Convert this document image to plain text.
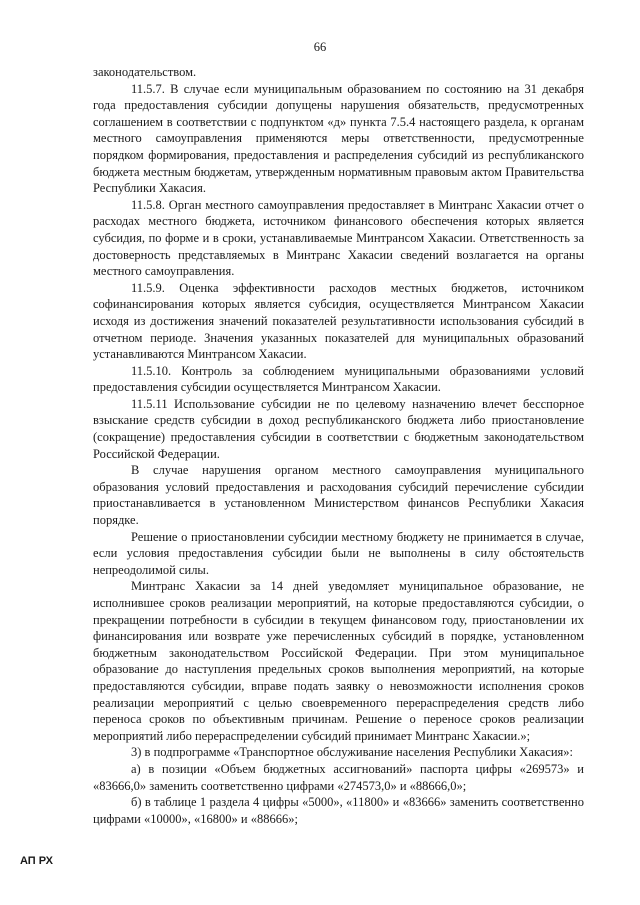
66

законодательством.

11.5.7. В случае если муниципальным образованием по состоянию на 31 декабря года предоставления субсидии допущены нарушения обязательств, предусмотренных соглашением в соответствии с подпунктом «д» пункта 7.5.4 настоящего раздела, к органам местного самоуправления применяются меры ответственности, предусмотренные порядком формирования, предоставления и распределения субсидий из республиканского бюджета местным бюджетам, утвержденным нормативным правовым актом Правительства Республики Хакасия.

11.5.8. Орган местного самоуправления предоставляет в Минтранс Хакасии отчет о расходах местного бюджета, источником финансового обеспечения которых является субсидия, по форме и в сроки, устанавливаемые Минтрансом Хакасии. Ответственность за достоверность представляемых в Минтранс Хакасии сведений возлагается на органы местного самоуправления.

11.5.9. Оценка эффективности расходов местных бюджетов, источником софинансирования которых является субсидия, осуществляется Минтрансом Хакасии исходя из достижения значений показателей результативности использования субсидий в отчетном периоде. Значения указанных показателей для муниципальных образований устанавливаются Минтрансом Хакасии.

11.5.10. Контроль за соблюдением муниципальными образованиями условий предоставления субсидии осуществляется Минтрансом Хакасии.

11.5.11 Использование субсидии не по целевому назначению влечет бесспорное взыскание средств субсидии в доход республиканского бюджета либо приостановление (сокращение) предоставления субсидии в соответствии с бюджетным законодательством Российской Федерации.

В случае нарушения органом местного самоуправления муниципального образования условий предоставления и расходования субсидий перечисление субсидии приостанавливается в установленном Министерством финансов Республики Хакасия порядке.

Решение о приостановлении субсидии местному бюджету не принимается в случае, если условия предоставления субсидии были не выполнены в силу обстоятельств непреодолимой силы.

Минтранс Хакасии за 14 дней уведомляет муниципальное образование, не исполнившее сроков реализации мероприятий, на которые предоставляются субсидии, о прекращении потребности в субсидии в текущем финансовом году, приостановлении их финансирования или возврате уже перечисленных субсидий в порядке, установленном бюджетным законодательством Российской Федерации. При этом муниципальное образование до наступления предельных сроков выполнения мероприятий, на которые предоставляются субсидии, вправе подать заявку о невозможности исполнения сроков реализации мероприятий с целью своевременного перераспределения средств либо переноса сроков по объективным причинам. Решение о переносе сроков реализации мероприятий либо перераспределении субсидий принимает Минтранс Хакасии.»;

3) в подпрограмме «Транспортное обслуживание населения Республики Хакасия»:

а) в позиции «Объем бюджетных ассигнований» паспорта цифры «269573» и «83666,0» заменить соответственно цифрами «274573,0» и «88666,0»;

б) в таблице 1 раздела 4 цифры «5000», «11800» и «83666» заменить соответственно цифрами «10000», «16800» и «88666»;

АП РХ
